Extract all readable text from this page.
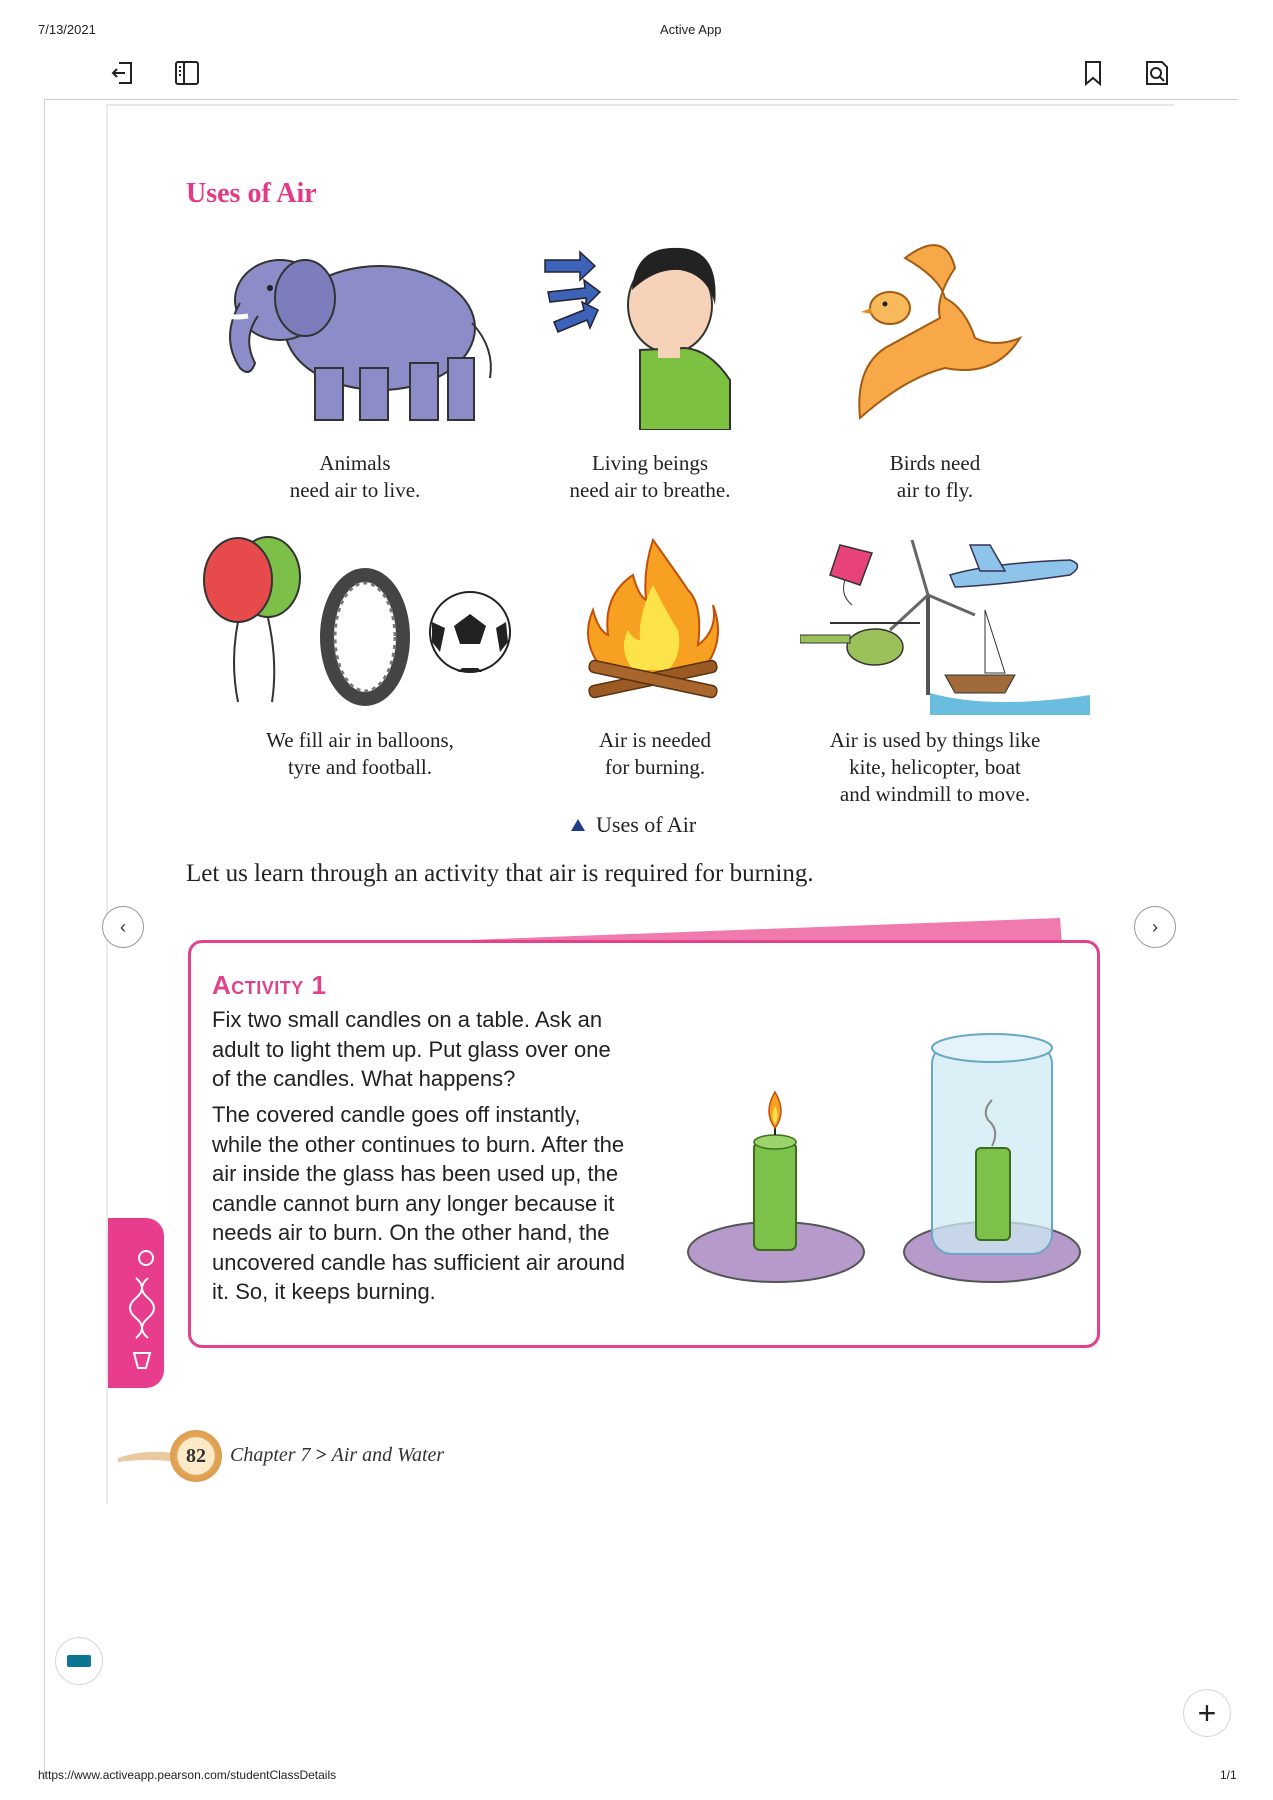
7/13/2021	Active App
Uses of Air
Animals
need air to live.
Living beings
need air to breathe.
Birds need
air to fly.
We fill air in balloons,
tyre and football.
Air is needed
for burning.
Air is used by things like
kite, helicopter, boat
and windmill to move.
Uses of Air
Let us learn through an activity that air is required for burning.
‹	›
Activity 1
Fix two small candles on a table. Ask an
adult to light them up. Put glass over one
of the candles. What happens?
The covered candle goes off instantly,
while the other continues to burn. After the
air inside the glass has been used up, the
candle cannot burn any longer because it
needs air to burn. On the other hand, the
uncovered candle has sufficient air around
it. So, it keeps burning.
82	Chapter 7 > Air and Water
+
https://www.activeapp.pearson.com/studentClassDetails	1/1
